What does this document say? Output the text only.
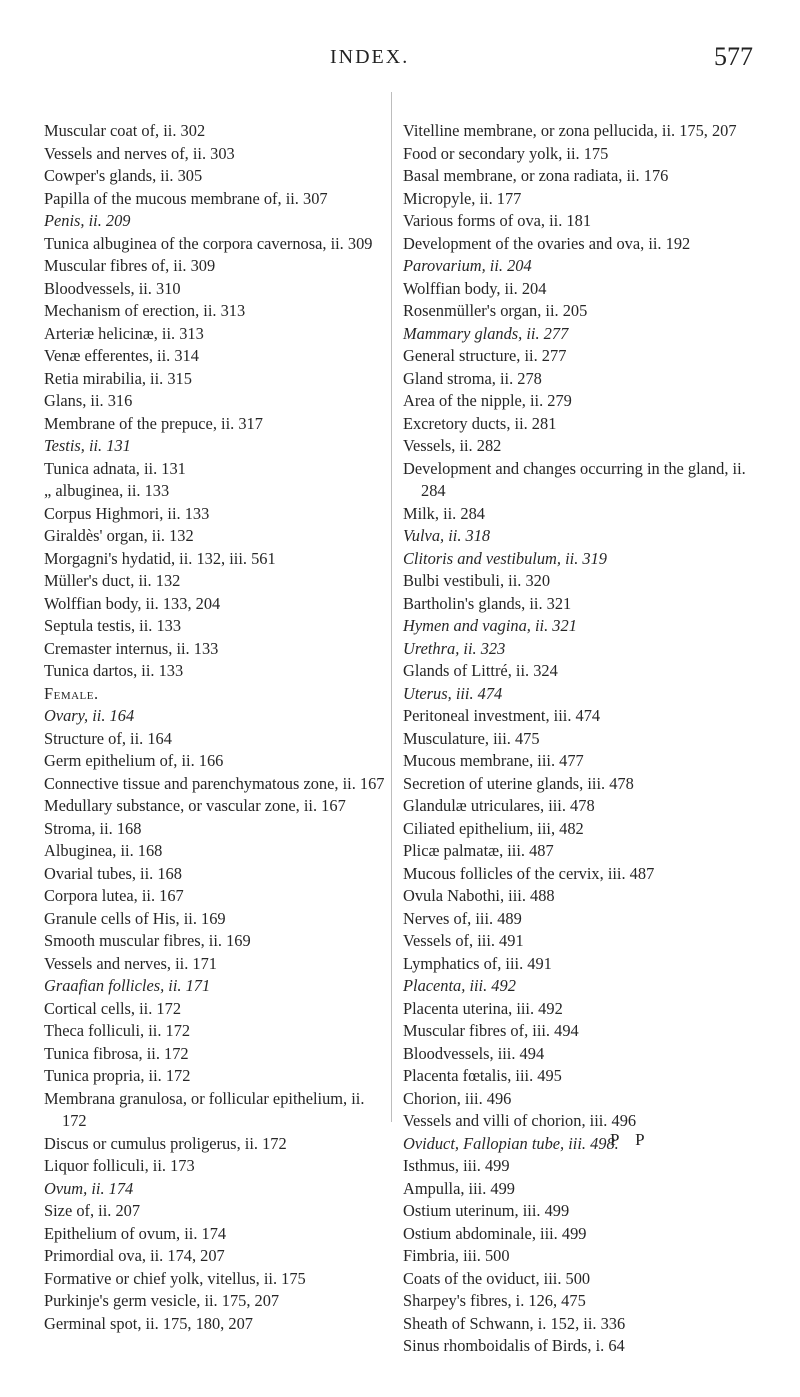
INDEX.	577
Muscular coat of, ii. 302
Vessels and nerves of, ii. 303
Cowper's glands, ii. 305
Papilla of the mucous membrane of, ii. 307
Penis, ii. 209
Tunica albuginea of the corpora cavernosa, ii. 309
Muscular fibres of, ii. 309
Bloodvessels, ii. 310
Mechanism of erection, ii. 313
Arteriæ helicinæ, ii. 313
Venæ efferentes, ii. 314
Retia mirabilia, ii. 315
Glans, ii. 316
Membrane of the prepuce, ii. 317
Testis, ii. 131
Tunica adnata, ii. 131
„ albuginea, ii. 133
Corpus Highmori, ii. 133
Giraldès' organ, ii. 132
Morgagni's hydatid, ii. 132, iii. 561
Müller's duct, ii. 132
Wolffian body, ii. 133, 204
Septula testis, ii. 133
Cremaster internus, ii. 133
Tunica dartos, ii. 133
Female.
Ovary, ii. 164
Structure of, ii. 164
Germ epithelium of, ii. 166
Connective tissue and parenchymatous zone, ii. 167
Medullary substance, or vascular zone, ii. 167
Stroma, ii. 168
Albuginea, ii. 168
Ovarial tubes, ii. 168
Corpora lutea, ii. 167
Granule cells of His, ii. 169
Smooth muscular fibres, ii. 169
Vessels and nerves, ii. 171
Graafian follicles, ii. 171
Cortical cells, ii. 172
Theca folliculi, ii. 172
Tunica fibrosa, ii. 172
Tunica propria, ii. 172
Membrana granulosa, or follicular epithelium, ii. 172
Discus or cumulus proligerus, ii. 172
Liquor folliculi, ii. 173
Ovum, ii. 174
Size of, ii. 207
Epithelium of ovum, ii. 174
Primordial ova, ii. 174, 207
Formative or chief yolk, vitellus, ii. 175
Purkinje's germ vesicle, ii. 175, 207
Germinal spot, ii. 175, 180, 207
Vitelline membrane, or zona pellucida, ii. 175, 207
Food or secondary yolk, ii. 175
Basal membrane, or zona radiata, ii. 176
Micropyle, ii. 177
Various forms of ova, ii. 181
Development of the ovaries and ova, ii. 192
Parovarium, ii. 204
Wolffian body, ii. 204
Rosenmüller's organ, ii. 205
Mammary glands, ii. 277
General structure, ii. 277
Gland stroma, ii. 278
Area of the nipple, ii. 279
Excretory ducts, ii. 281
Vessels, ii. 282
Development and changes occurring in the gland, ii. 284
Milk, ii. 284
Vulva, ii. 318
Clitoris and vestibulum, ii. 319
Bulbi vestibuli, ii. 320
Bartholin's glands, ii. 321
Hymen and vagina, ii. 321
Urethra, ii. 323
Glands of Littré, ii. 324
Uterus, iii. 474
Peritoneal investment, iii. 474
Musculature, iii. 475
Mucous membrane, iii. 477
Secretion of uterine glands, iii. 478
Glandulæ utriculares, iii. 478
Ciliated epithelium, iii, 482
Plicæ palmatæ, iii. 487
Mucous follicles of the cervix, iii. 487
Ovula Nabothi, iii. 488
Nerves of, iii. 489
Vessels of, iii. 491
Lymphatics of, iii. 491
Placenta, iii. 492
Placenta uterina, iii. 492
Muscular fibres of, iii. 494
Bloodvessels, iii. 494
Placenta fœtalis, iii. 495
Chorion, iii. 496
Vessels and villi of chorion, iii. 496
Oviduct, Fallopian tube, iii. 498.
Isthmus, iii. 499
Ampulla, iii. 499
Ostium uterinum, iii. 499
Ostium abdominale, iii. 499
Fimbria, iii. 500
Coats of the oviduct, iii. 500
Sharpey's fibres, i. 126, 475
Sheath of Schwann, i. 152, ii. 336
Sinus rhomboidalis of Birds, i. 64
P P
